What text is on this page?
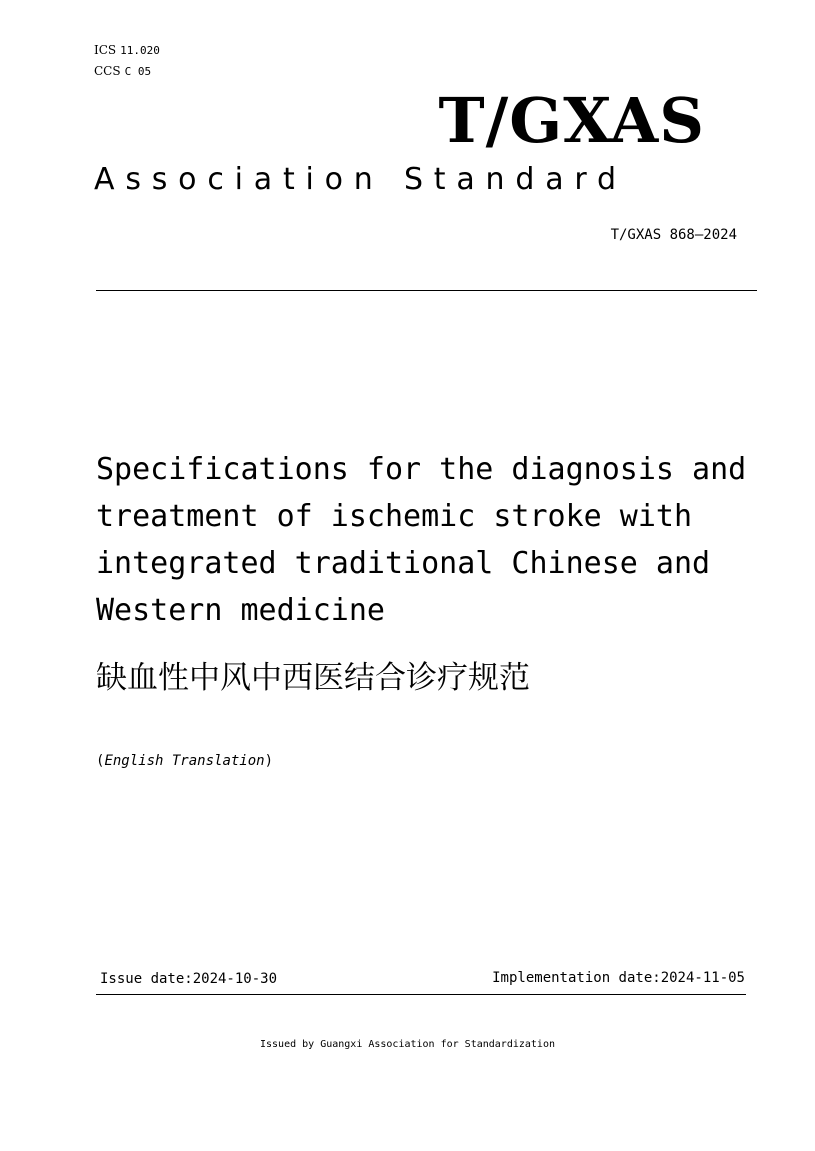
ICS 11.020
CCS C 05
T/GXAS
Association Standard
T/GXAS 868—2024
Specifications for the diagnosis and
treatment of ischemic stroke with
integrated traditional Chinese and
Western medicine
缺血性中风中西医结合诊疗规范
(English Translation)
Issue date:2024-10-30	Implementation date:2024-11-05
Issued by Guangxi Association for Standardization
